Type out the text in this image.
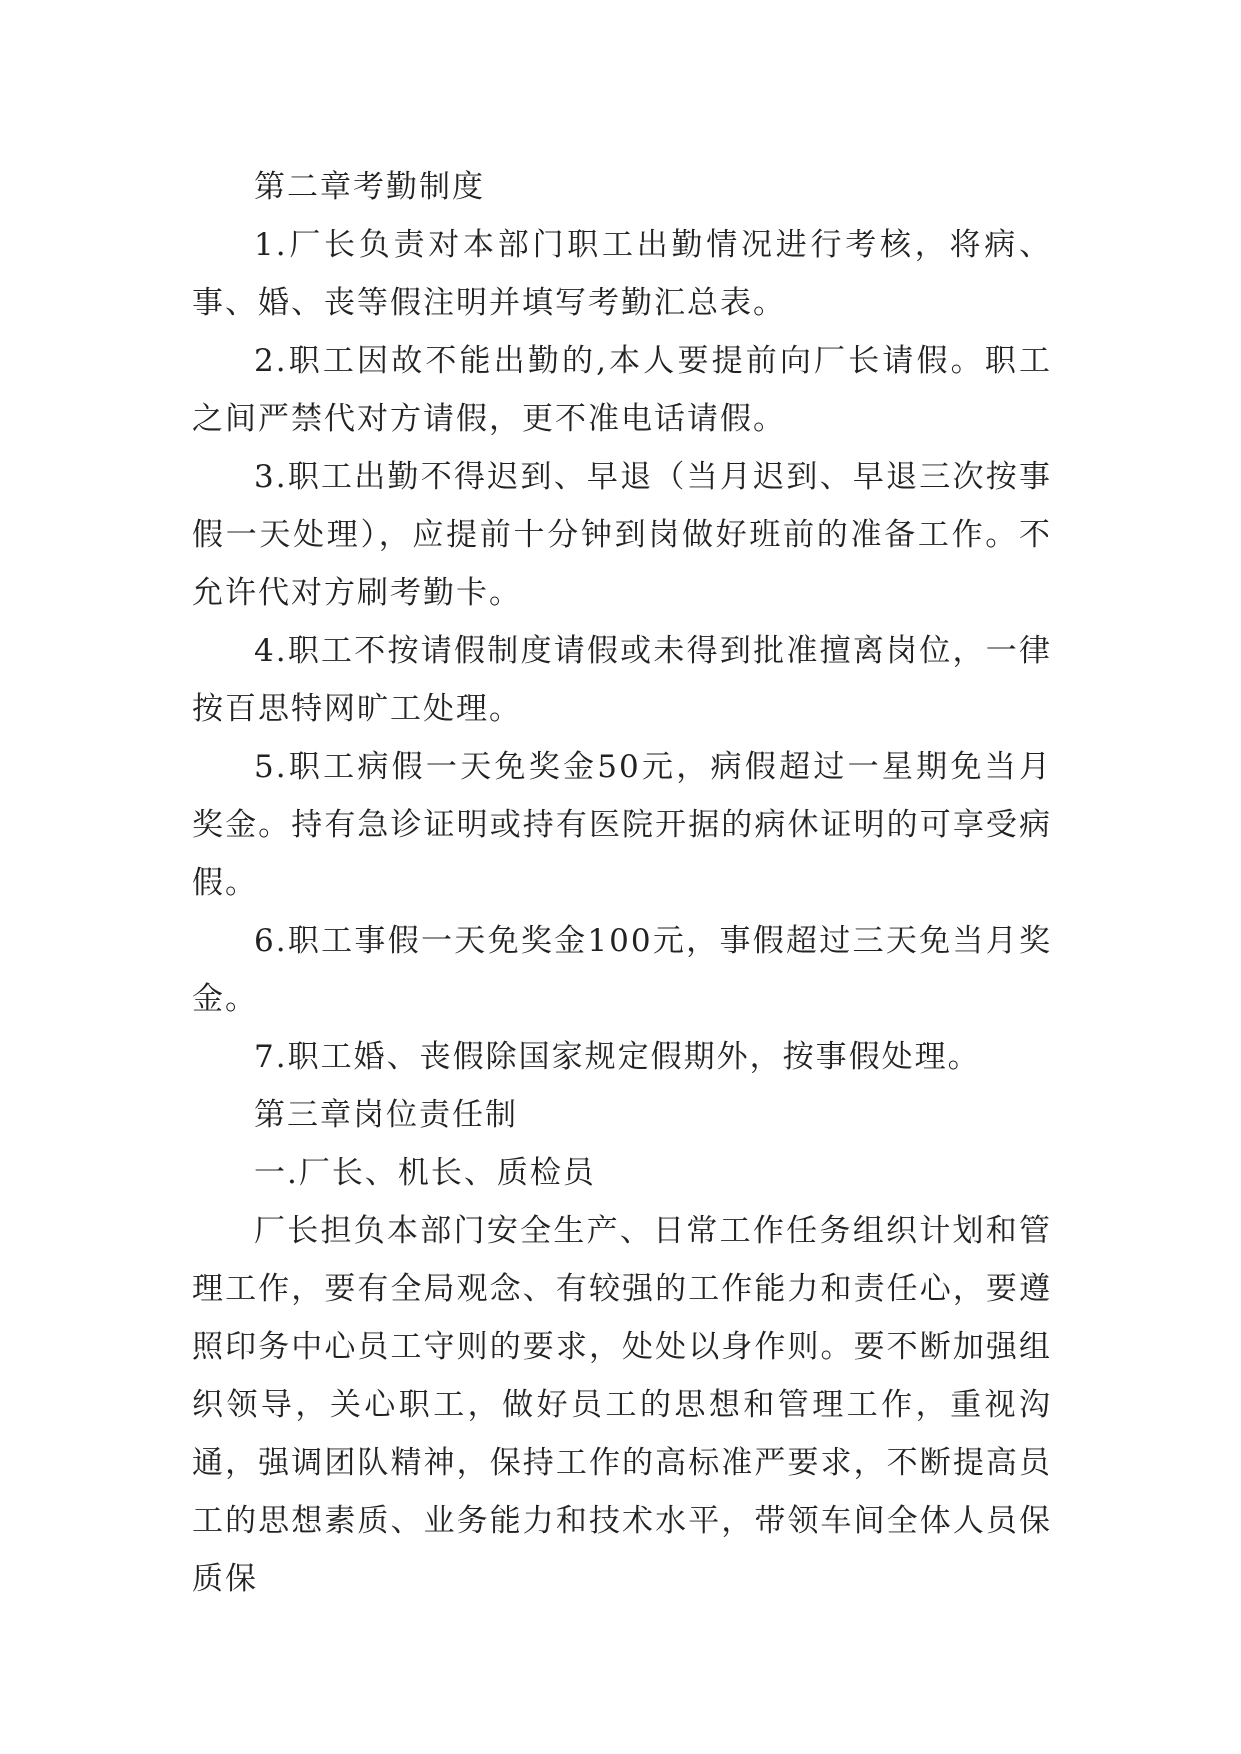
第二章考勤制度

1.厂长负责对本部门职工出勤情况进行考核，将病、事、婚、丧等假注明并填写考勤汇总表。

2.职工因故不能出勤的,本人要提前向厂长请假。职工之间严禁代对方请假，更不准电话请假。

3.职工出勤不得迟到、早退（当月迟到、早退三次按事假一天处理），应提前十分钟到岗做好班前的准备工作。不允许代对方刷考勤卡。

4.职工不按请假制度请假或未得到批准擅离岗位，一律按百思特网旷工处理。

5.职工病假一天免奖金50元，病假超过一星期免当月奖金。持有急诊证明或持有医院开据的病休证明的可享受病假。

6.职工事假一天免奖金100元，事假超过三天免当月奖金。

7.职工婚、丧假除国家规定假期外，按事假处理。

第三章岗位责任制

一.厂长、机长、质检员

厂长担负本部门安全生产、日常工作任务组织计划和管理工作，要有全局观念、有较强的工作能力和责任心，要遵照印务中心员工守则的要求，处处以身作则。要不断加强组织领导，关心职工，做好员工的思想和管理工作，重视沟通，强调团队精神，保持工作的高标准严要求，不断提高员工的思想素质、业务能力和技术水平，带领车间全体人员保质保
